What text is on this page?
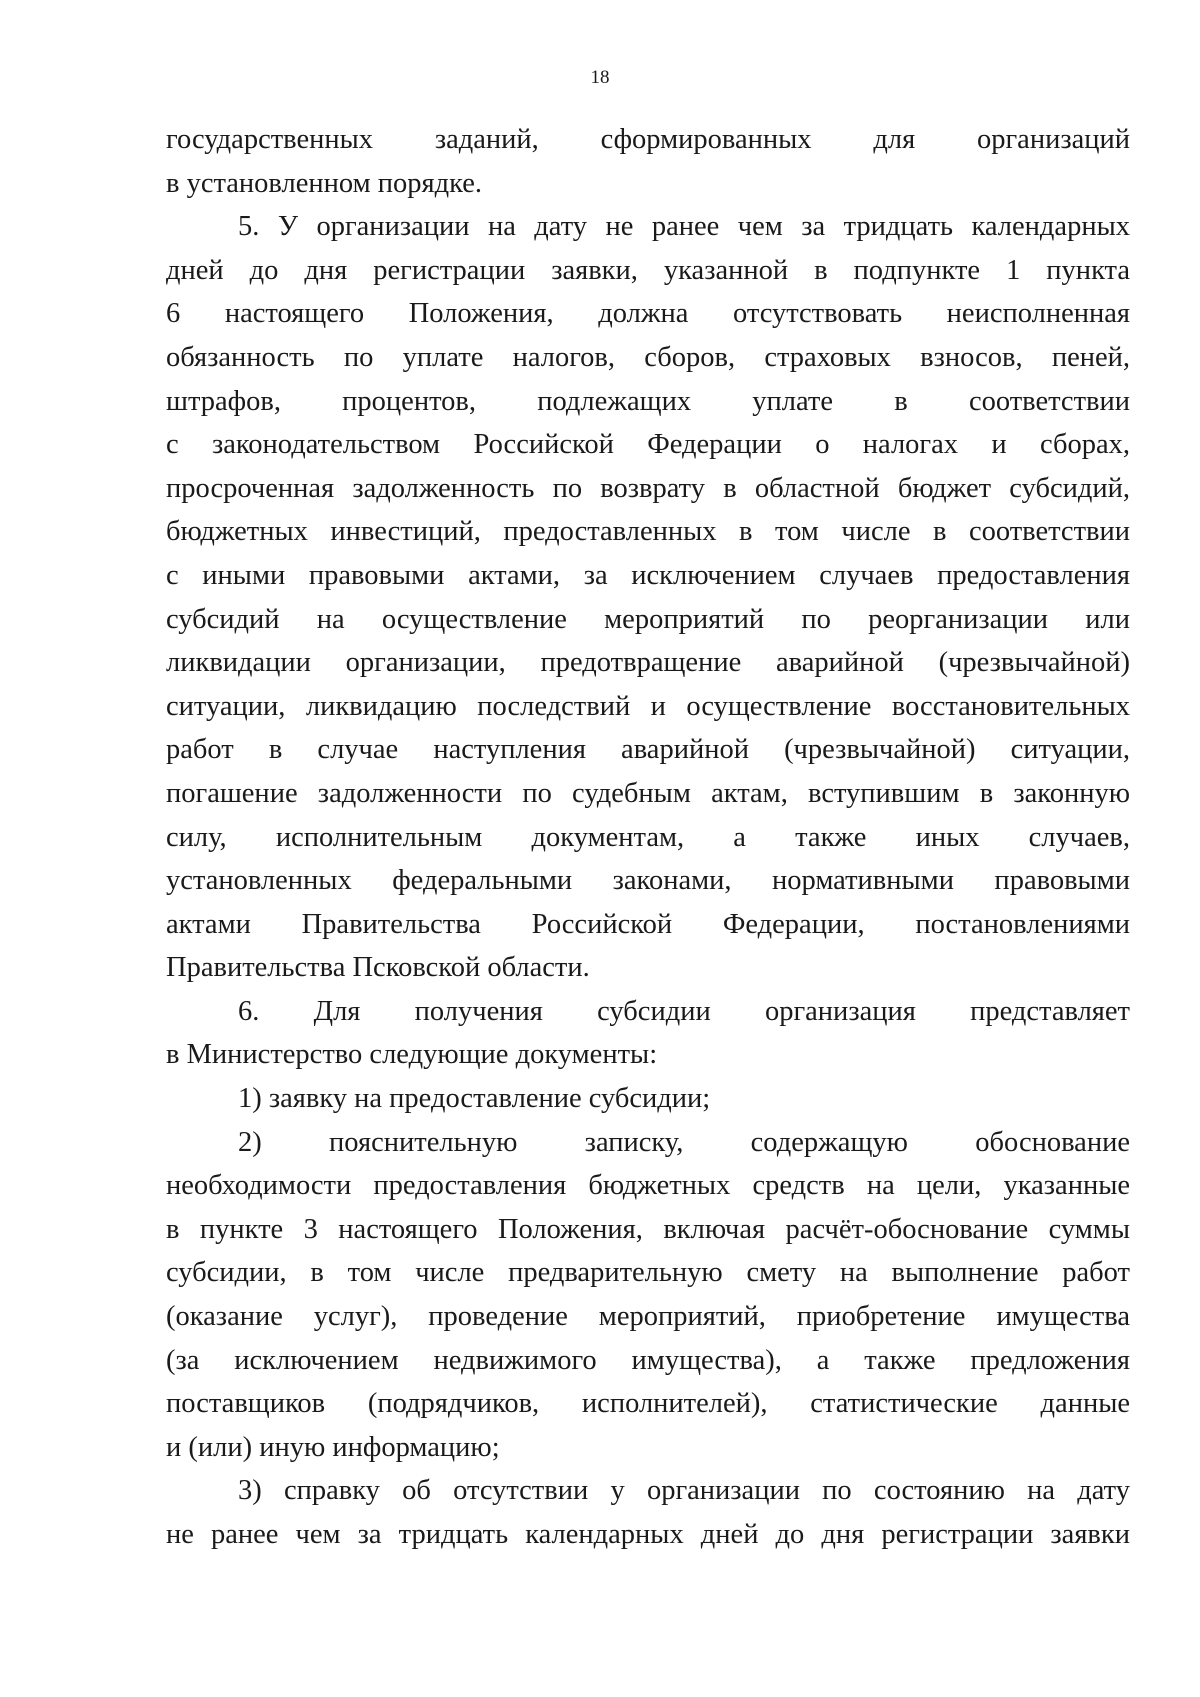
18
государственных заданий, сформированных для организаций
в установленном порядке.
5. У организации на дату не ранее чем за тридцать календарных
дней до дня регистрации заявки, указанной в подпункте 1 пункта
6 настоящего Положения, должна отсутствовать неисполненная
обязанность по уплате налогов, сборов, страховых взносов, пеней,
штрафов, процентов, подлежащих уплате в соответствии
с законодательством Российской Федерации о налогах и сборах,
просроченная задолженность по возврату в областной бюджет субсидий,
бюджетных инвестиций, предоставленных в том числе в соответствии
с иными правовыми актами, за исключением случаев предоставления
субсидий на осуществление мероприятий по реорганизации или
ликвидации организации, предотвращение аварийной (чрезвычайной)
ситуации, ликвидацию последствий и осуществление восстановительных
работ в случае наступления аварийной (чрезвычайной) ситуации,
погашение задолженности по судебным актам, вступившим в законную
силу, исполнительным документам, а также иных случаев,
установленных федеральными законами, нормативными правовыми
актами Правительства Российской Федерации, постановлениями
Правительства Псковской области.
6. Для получения субсидии организация представляет
в Министерство следующие документы:
1) заявку на предоставление субсидии;
2) пояснительную записку, содержащую обоснование
необходимости предоставления бюджетных средств на цели, указанные
в пункте 3 настоящего Положения, включая расчёт-обоснование суммы
субсидии, в том числе предварительную смету на выполнение работ
(оказание услуг), проведение мероприятий, приобретение имущества
(за исключением недвижимого имущества), а также предложения
поставщиков (подрядчиков, исполнителей), статистические данные
и (или) иную информацию;
3) справку об отсутствии у организации по состоянию на дату
не ранее чем за тридцать календарных дней до дня регистрации заявки
